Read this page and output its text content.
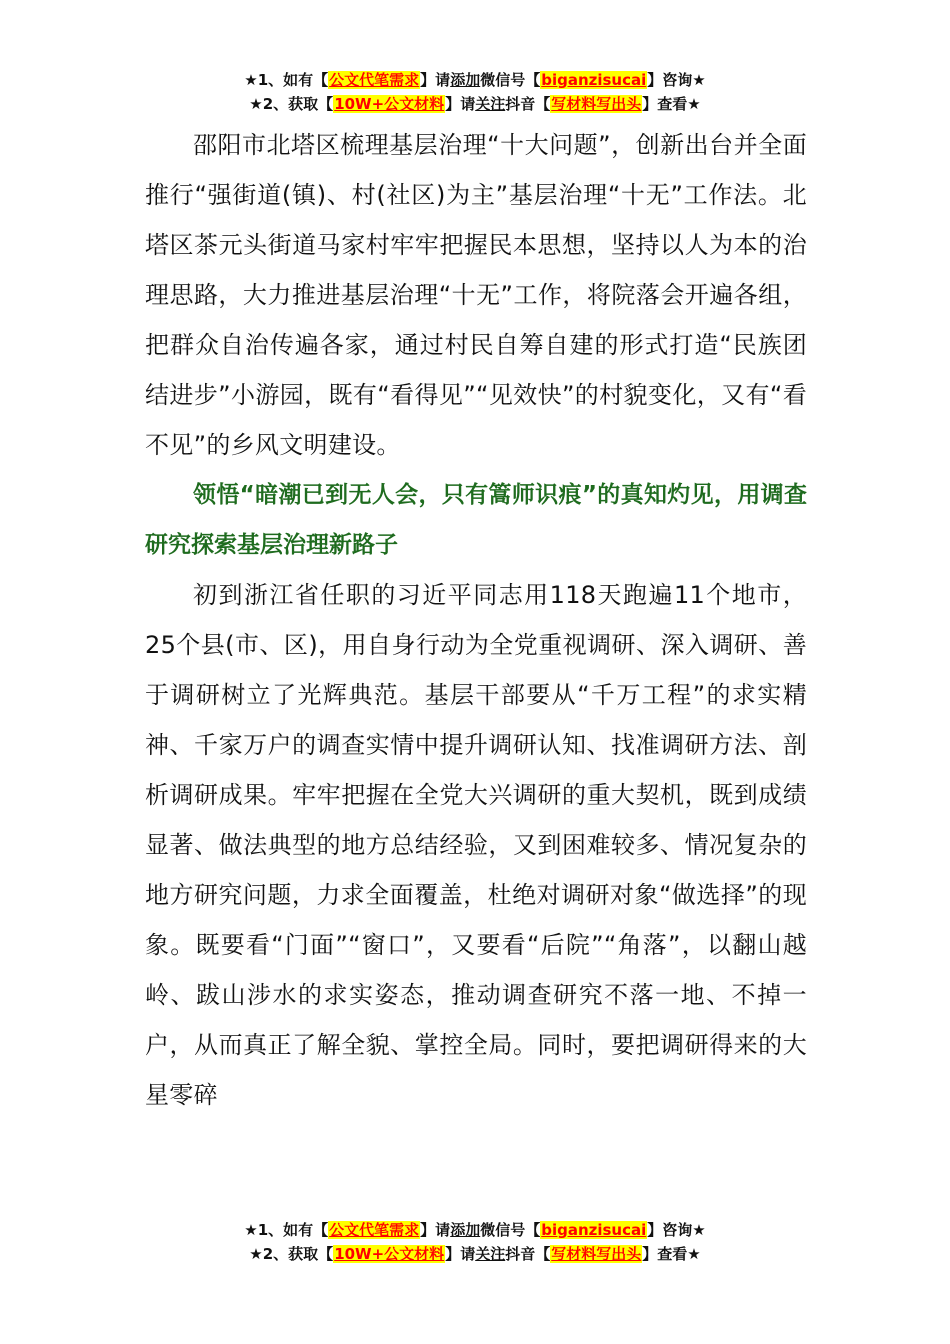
★1、如有【公文代笔需求】请添加微信号【biganzisucai】咨询★
★2、获取【10W+公文材料】请关注抖音【写材料写出头】查看★

邵阳市北塔区梳理基层治理“十大问题”，创新出台并全面推行“强街道(镇)、村(社区)为主”基层治理“十无”工作法。北塔区茶元头街道马家村牢牢把握民本思想，坚持以人为本的治理思路，大力推进基层治理“十无”工作，将院落会开遍各组，把群众自治传遍各家，通过村民自筹自建的形式打造“民族团结进步”小游园，既有“看得见”“见效快”的村貌变化，又有“看不见”的乡风文明建设。

领悟“暗潮已到无人会，只有篙师识痕”的真知灼见，用调查研究探索基层治理新路子

初到浙江省任职的习近平同志用118天跑遍11个地市，25个县(市、区)，用自身行动为全党重视调研、深入调研、善于调研树立了光辉典范。基层干部要从“千万工程”的求实精神、千家万户的调查实情中提升调研认知、找准调研方法、剖析调研成果。牢牢把握在全党大兴调研的重大契机，既到成绩显著、做法典型的地方总结经验，又到困难较多、情况复杂的地方研究问题，力求全面覆盖，杜绝对调研对象“做选择”的现象。既要看“门面”“窗口”，又要看“后院”“角落”，以翻山越岭、跋山涉水的求实姿态，推动调查研究不落一地、不掉一户，从而真正了解全貌、掌控全局。同时，要把调研得来的大星零碎

★1、如有【公文代笔需求】请添加微信号【biganzisucai】咨询★
★2、获取【10W+公文材料】请关注抖音【写材料写出头】查看★
